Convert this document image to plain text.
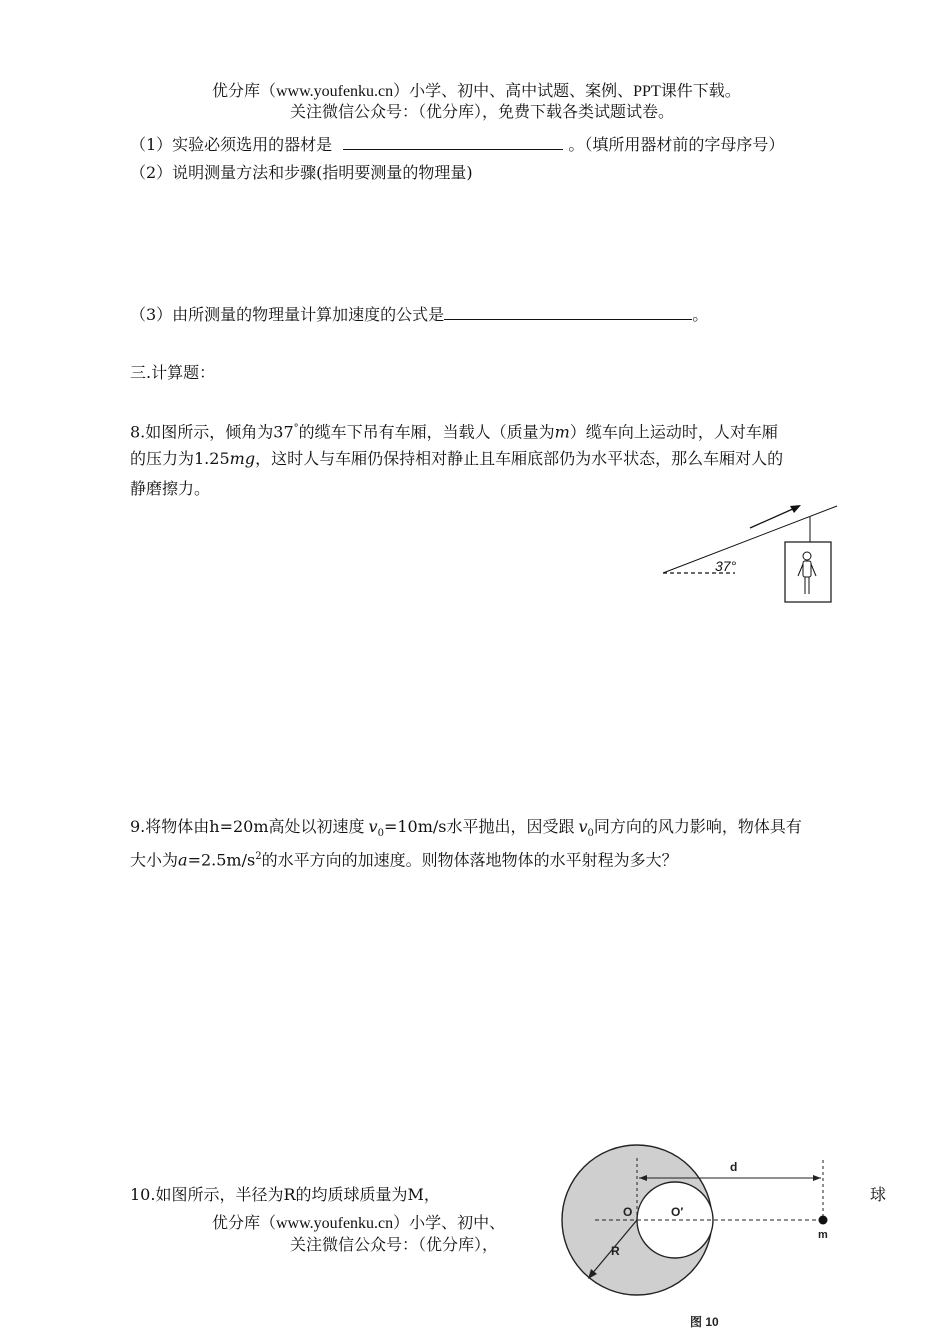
优分库（www.youfenku.cn）小学、初中、高中试题、案例、PPT课件下载。
关注微信公众号：（优分库），免费下载各类试题试卷。
（1）实验必须选用的器材是	。（填所用器材前的字母序号）
（2）说明测量方法和步骤(指明要测量的物理量)
（3）由所测量的物理量计算加速度的公式是	。
三.计算题：
8.如图所示，倾角为37°的缆车下吊有车厢，当载人（质量为m）缆车向上运动时，人对车厢
的压力为1.25mg，这时人与车厢仍保持相对静止且车厢底部仍为水平状态，那么车厢对人的
静磨擦力。
37°
9.将物体由h=20m高处以初速度 $v_0=10m/s$水平抛出，因受跟 $v_0$同方向的风力影响，物体具有
大小为$a=2.5m/s^2$的水平方向的加速度。则物体落地物体的水平射程为多大？
10.如图所示，半径为R的均质球质量为M，	球
d
R
O	O′
m
图 10
优分库（www.youfenku.cn）小学、初中、
关注微信公众号：（优分库），
